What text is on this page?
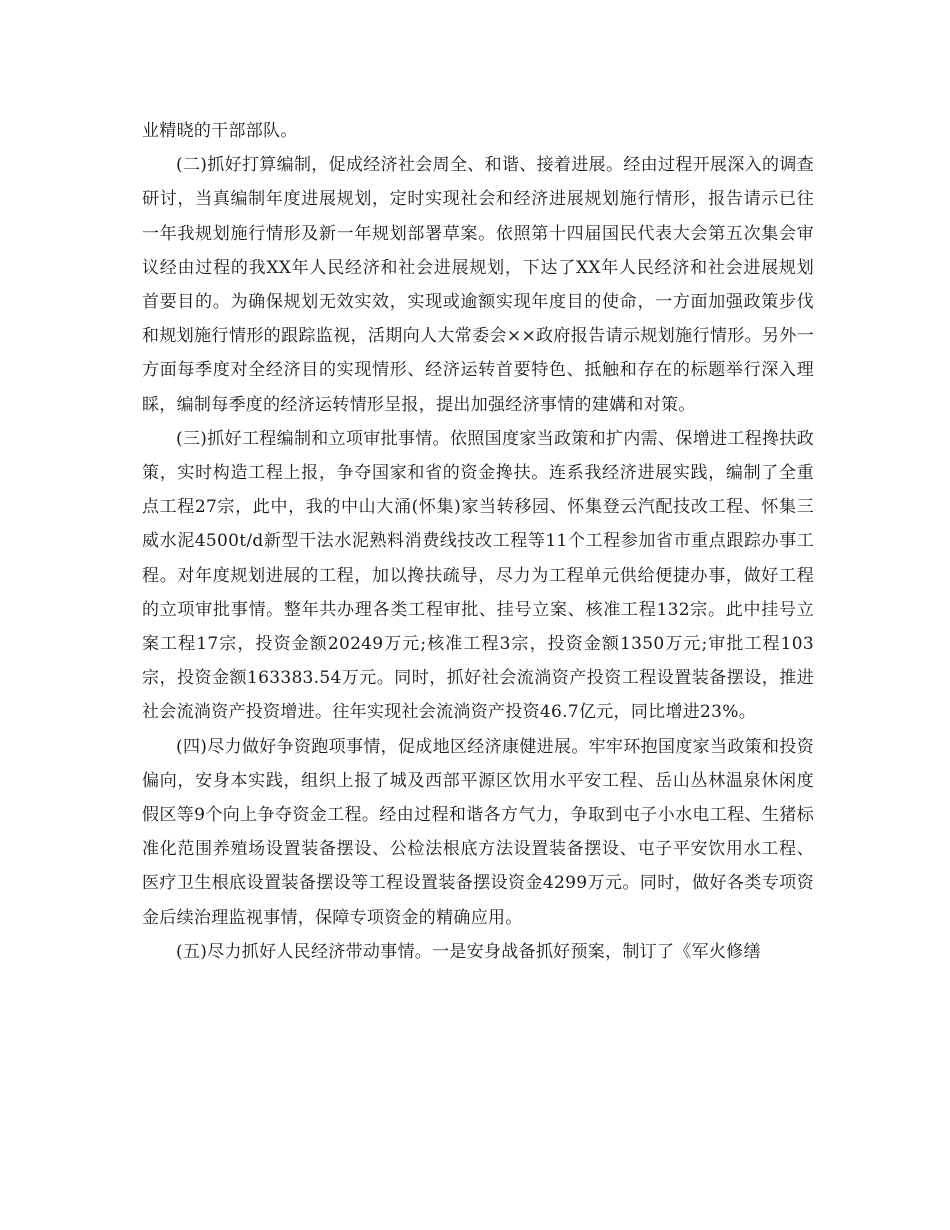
业精晓的干部部队。

(二)抓好打算编制，促成经济社会周全、和谐、接着进展。经由过程开展深入的调查研讨，当真编制年度进展规划，定时实现社会和经济进展规划施行情形，报告请示已往一年我规划施行情形及新一年规划部署草案。依照第十四届国民代表大会第五次集会审议经由过程的我XX年人民经济和社会进展规划，下达了XX年人民经济和社会进展规划首要目的。为确保规划无效实效，实现或逾额实现年度目的使命，一方面加强政策步伐和规划施行情形的跟踪监视，活期向人大常委会××政府报告请示规划施行情形。另外一方面每季度对全经济目的实现情形、经济运转首要特色、抵触和存在的标题举行深入理睬，编制每季度的经济运转情形呈报，提出加强经济事情的建媾和对策。

(三)抓好工程编制和立项审批事情。依照国度家当政策和扩内需、保增进工程搀扶政策，实时构造工程上报，争夺国家和省的资金搀扶。连系我经济进展实践，编制了全重点工程27宗，此中，我的中山大涌(怀集)家当转移园、怀集登云汽配技改工程、怀集三威水泥4500t/d新型干法水泥熟料消费线技改工程等11个工程参加省市重点跟踪办事工程。对年度规划进展的工程，加以搀扶疏导，尽力为工程单元供给便捷办事，做好工程的立项审批事情。整年共办理各类工程审批、挂号立案、核准工程132宗。此中挂号立案工程17宗，投资金额20249万元;核准工程3宗，投资金额1350万元;审批工程103宗，投资金额163383.54万元。同时，抓好社会流淌资产投资工程设置装备摆设，推进社会流淌资产投资增进。往年实现社会流淌资产投资46.7亿元，同比增进23%。

(四)尽力做好争资跑项事情，促成地区经济康健进展。牢牢环抱国度家当政策和投资偏向，安身本实践，组织上报了城及西部平源区饮用水平安工程、岳山丛林温泉休闲度假区等9个向上争夺资金工程。经由过程和谐各方气力，争取到屯子小水电工程、生猪标准化范围养殖场设置装备摆设、公检法根底方法设置装备摆设、屯子平安饮用水工程、医疗卫生根底设置装备摆设等工程设置装备摆设资金4299万元。同时，做好各类专项资金后续治理监视事情，保障专项资金的精确应用。

(五)尽力抓好人民经济带动事情。一是安身战备抓好预案，制订了《军火修缮
